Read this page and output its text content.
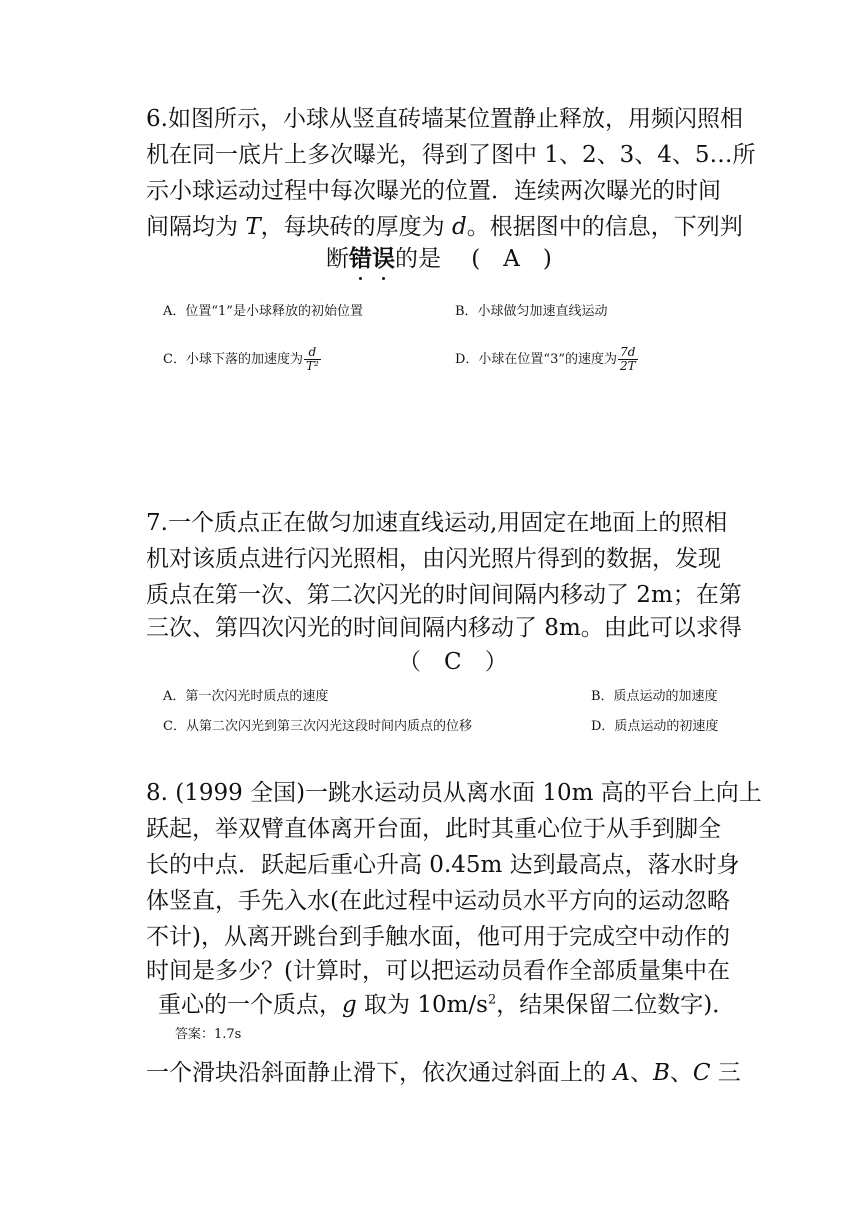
6.如图所示，小球从竖直砖墙某位置静止释放，用频闪照相
机在同一底片上多次曝光，得到了图中 1、2、3、4、5…所
示小球运动过程中每次曝光的位置．连续两次曝光的时间
间隔均为 T，每块砖的厚度为 d。根据图中的信息，下列判
断错误的是　 (　A　)
A．位置“1”是小球释放的初始位置	B．小球做匀加速直线运动
C．小球下落的加速度为 $\frac{d}{\text{T²}}$	D．小球在位置“3”的速度为 $\frac{7d}{2T}$
7.一个质点正在做匀加速直线运动,用固定在地面上的照相
机对该质点进行闪光照相，由闪光照片得到的数据，发现
质点在第一次、第二次闪光的时间间隔内移动了 2m；在第
三次、第四次闪光的时间间隔内移动了 8m。由此可以求得
（　C　）
A．第一次闪光时质点的速度	B．质点运动的加速度
C．从第二次闪光到第三次闪光这段时间内质点的位移	D．质点运动的初速度
8. (1999 全国)一跳水运动员从离水面 10m 高的平台上向上
跃起，举双臂直体离开台面，此时其重心位于从手到脚全
长的中点．跃起后重心升高 0.45m 达到最高点，落水时身
体竖直，手先入水(在此过程中运动员水平方向的运动忽略
不计)，从离开跳台到手触水面，他可用于完成空中动作的
时间是多少？(计算时，可以把运动员看作全部质量集中在
重心的一个质点，g 取为 $10m/s^2$，结果保留二位数字)．
答案：1.7s
一个滑块沿斜面静止滑下，依次通过斜面上的 A、B、C 三
